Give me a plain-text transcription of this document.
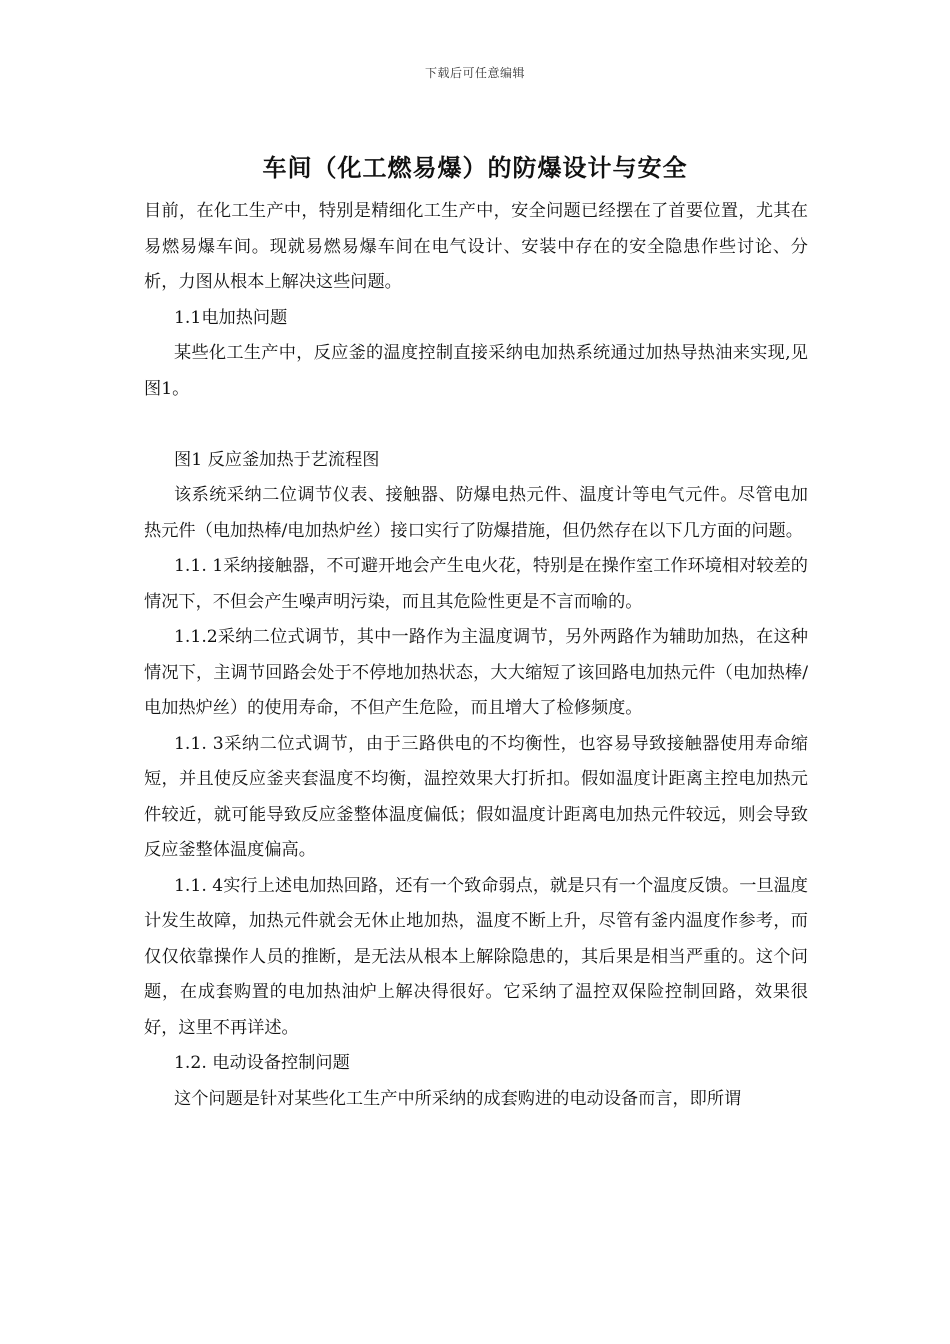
下载后可任意编辑
车间（化工燃易爆）的防爆设计与安全

目前，在化工生产中，特别是精细化工生产中，安全问题已经摆在了首要位置，尤其在易燃易爆车间。现就易燃易爆车间在电气设计、安装中存在的安全隐患作些讨论、分析，力图从根本上解决这些问题。

1.1电加热问题

某些化工生产中，反应釜的温度控制直接采纳电加热系统通过加热导热油来实现,见图1。

图1 反应釜加热于艺流程图

该系统采纳二位调节仪表、接触器、防爆电热元件、温度计等电气元件。尽管电加热元件（电加热棒/电加热炉丝）接口实行了防爆措施，但仍然存在以下几方面的问题。

1.1. 1采纳接触器，不可避开地会产生电火花，特别是在操作室工作环境相对较差的情况下，不但会产生噪声明污染，而且其危险性更是不言而喻的。

1.1.2采纳二位式调节，其中一路作为主温度调节，另外两路作为辅助加热，在这种情况下，主调节回路会处于不停地加热状态，大大缩短了该回路电加热元件（电加热棒/电加热炉丝）的使用寿命，不但产生危险，而且增大了检修频度。

1.1. 3采纳二位式调节，由于三路供电的不均衡性，也容易导致接触器使用寿命缩短，并且使反应釜夹套温度不均衡，温控效果大打折扣。假如温度计距离主控电加热元件较近，就可能导致反应釜整体温度偏低；假如温度计距离电加热元件较远，则会导致反应釜整体温度偏高。

1.1. 4实行上述电加热回路，还有一个致命弱点，就是只有一个温度反馈。一旦温度计发生故障，加热元件就会无休止地加热，温度不断上升，尽管有釜内温度作参考，而仅仅依靠操作人员的推断，是无法从根本上解除隐患的，其后果是相当严重的。这个问题，在成套购置的电加热油炉上解决得很好。它采纳了温控双保险控制回路，效果很好，这里不再详述。

1.2. 电动设备控制问题

这个问题是针对某些化工生产中所采纳的成套购进的电动设备而言，即所谓
